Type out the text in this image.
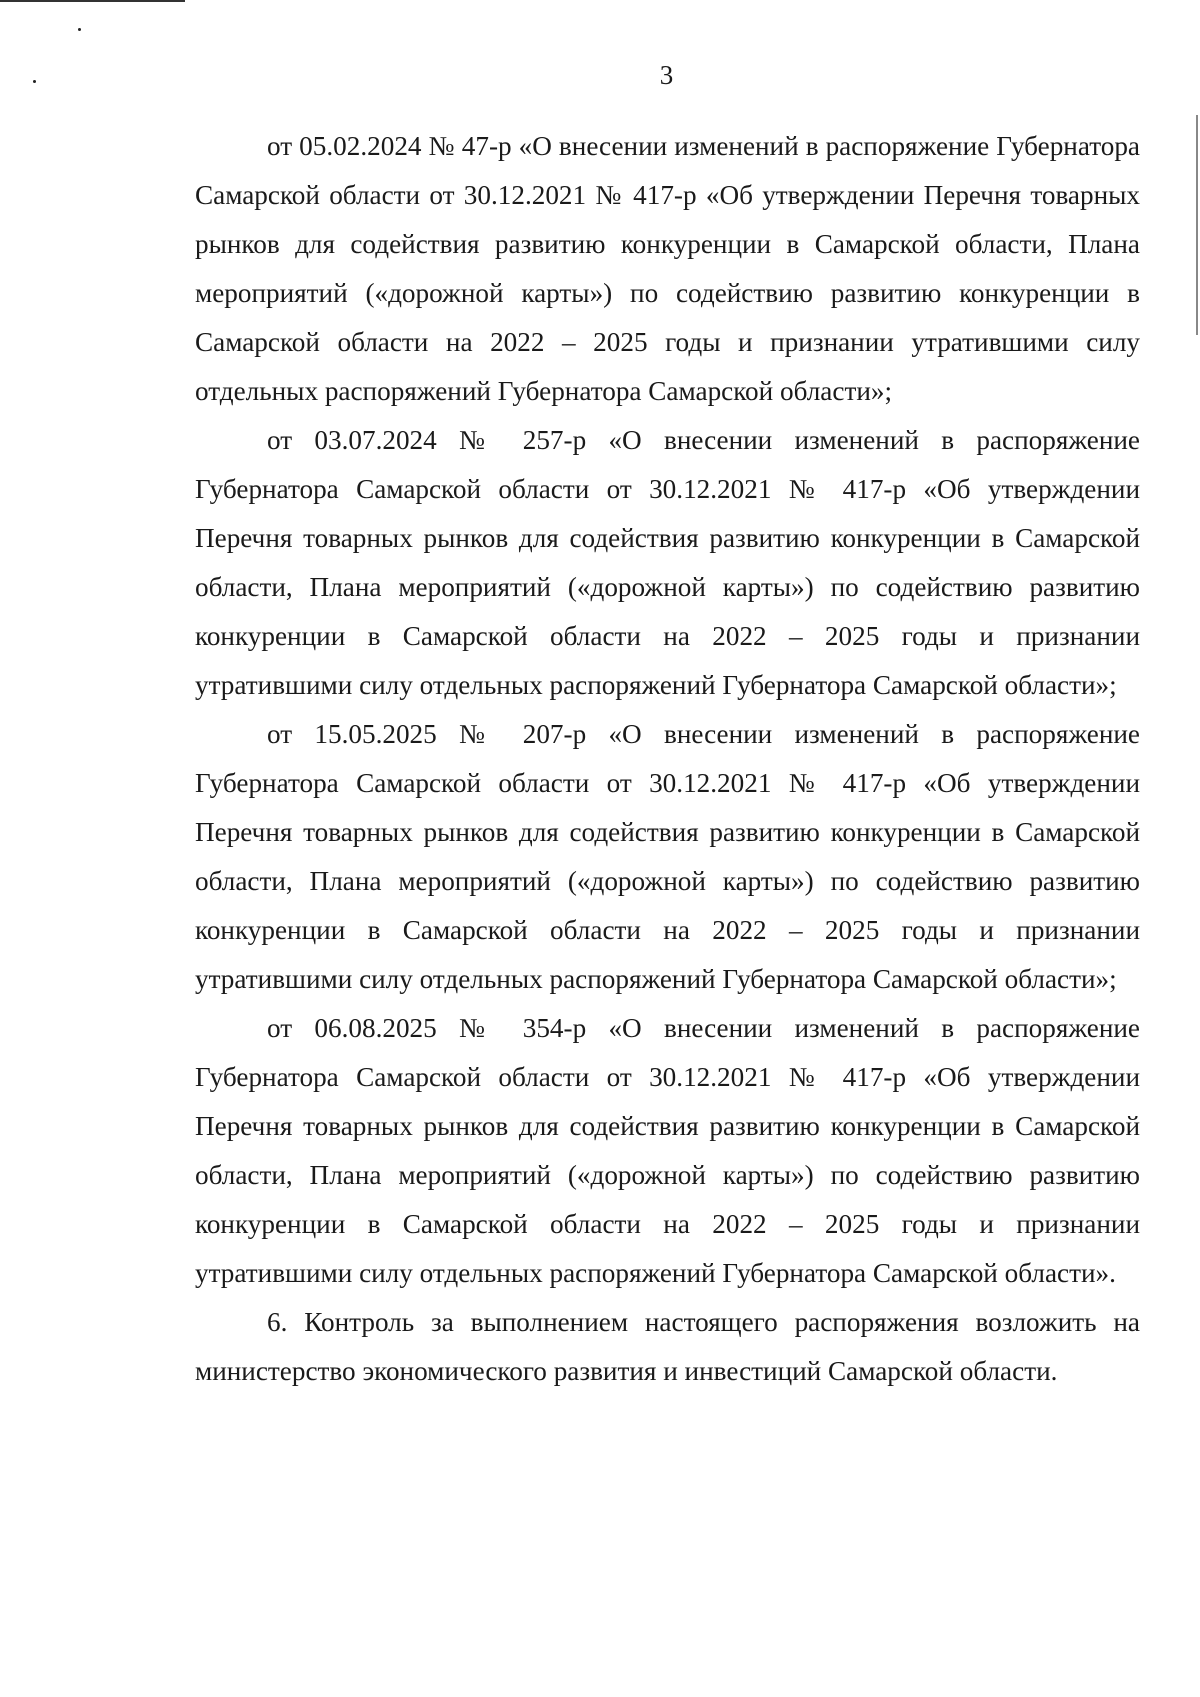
3

от 05.02.2024 № 47-р «О внесении изменений в распоряжение Губернатора Самарской области от 30.12.2021 № 417-р «Об утверждении Перечня товарных рынков для содействия развитию конкуренции в Самарской области, Плана мероприятий («дорожной карты») по содействию развитию конкуренции в Самарской области на 2022 – 2025 годы и признании утратившими силу отдельных распоряжений Губернатора Самарской области»;

от 03.07.2024 № 257-р «О внесении изменений в распоряжение Губернатора Самарской области от 30.12.2021 № 417-р «Об утверждении Перечня товарных рынков для содействия развитию конкуренции в Самарской области, Плана мероприятий («дорожной карты») по содействию развитию конкуренции в Самарской области на 2022 – 2025 годы и признании утратившими силу отдельных распоряжений Губернатора Самарской области»;

от 15.05.2025 № 207-р «О внесении изменений в распоряжение Губернатора Самарской области от 30.12.2021 № 417-р «Об утверждении Перечня товарных рынков для содействия развитию конкуренции в Самарской области, Плана мероприятий («дорожной карты») по содействию развитию конкуренции в Самарской области на 2022 – 2025 годы и признании утратившими силу отдельных распоряжений Губернатора Самарской области»;

от 06.08.2025 № 354-р «О внесении изменений в распоряжение Губернатора Самарской области от 30.12.2021 № 417-р «Об утверждении Перечня товарных рынков для содействия развитию конкуренции в Самарской области, Плана мероприятий («дорожной карты») по содействию развитию конкуренции в Самарской области на 2022 – 2025 годы и признании утратившими силу отдельных распоряжений Губернатора Самарской области».

6. Контроль за выполнением настоящего распоряжения возложить на министерство экономического развития и инвестиций Самарской области.
